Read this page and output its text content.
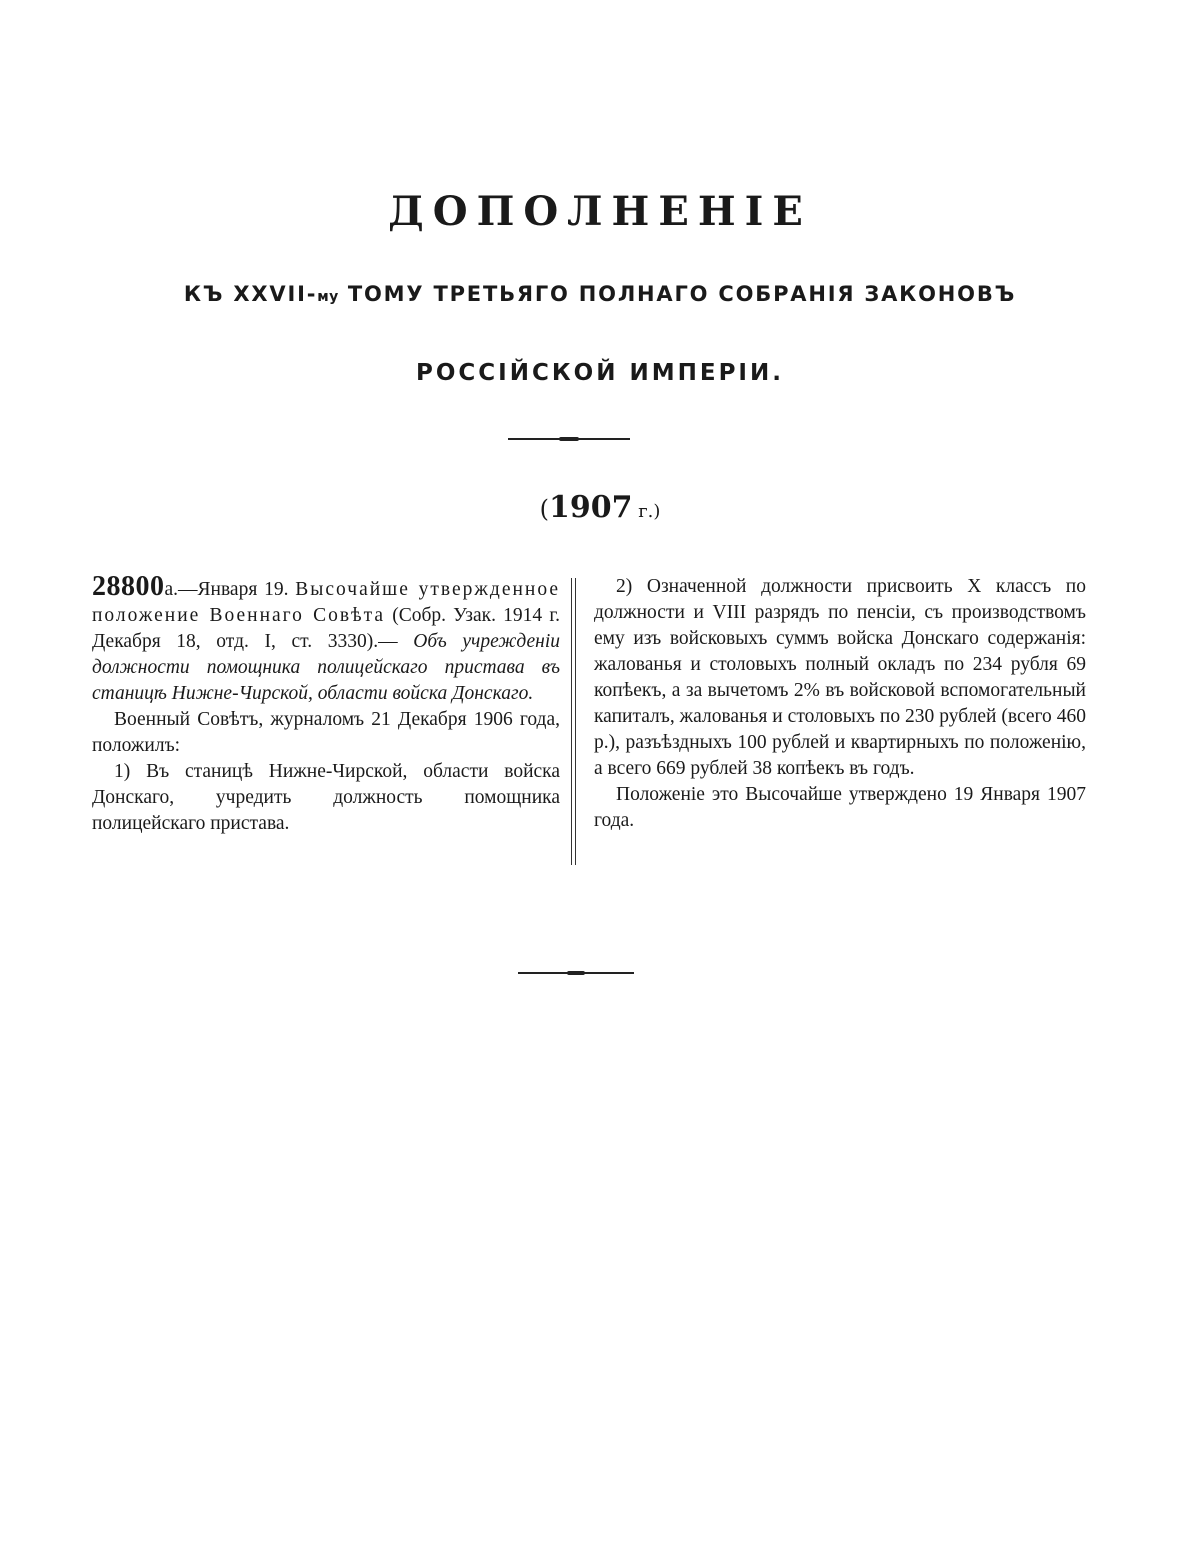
ДОПОЛНЕНІЕ
КЪ XXVII-му ТОМУ ТРЕТЬЯГО ПОЛНАГО СОБРАНІЯ ЗАКОНОВЪ
РОССІЙСКОЙ ИМПЕРІИ.
(1907 г.)

28800а.—Января 19. Высочайше утвержденное положение Военнаго Совѣта (Собр. Узак. 1914 г. Декабря 18, отд. I, ст. 3330).— Объ учрежденіи должности помощника полицейскаго пристава въ станицѣ Нижне-Чирской, области войска Донскаго.

Военный Совѣтъ, журналомъ 21 Декабря 1906 года, положилъ:

1) Въ станицѣ Нижне-Чирской, области войска Донскаго, учредить должность помощника полицейскаго пристава.

2) Означенной должности присвоить X классъ по должности и VIII разрядъ по пенсіи, съ производствомъ ему изъ войсковыхъ суммъ войска Донскаго содержанія: жалованья и столовыхъ полный окладъ по 234 рубля 69 копѣекъ, а за вычетомъ 2% въ войсковой вспомогательный капиталъ, жалованья и столовыхъ по 230 рублей (всего 460 р.), разъѣздныхъ 100 рублей и квартирныхъ по положенію, а всего 669 рублей 38 копѣекъ въ годъ.

Положеніе это Высочайше утверждено 19 Января 1907 года.
